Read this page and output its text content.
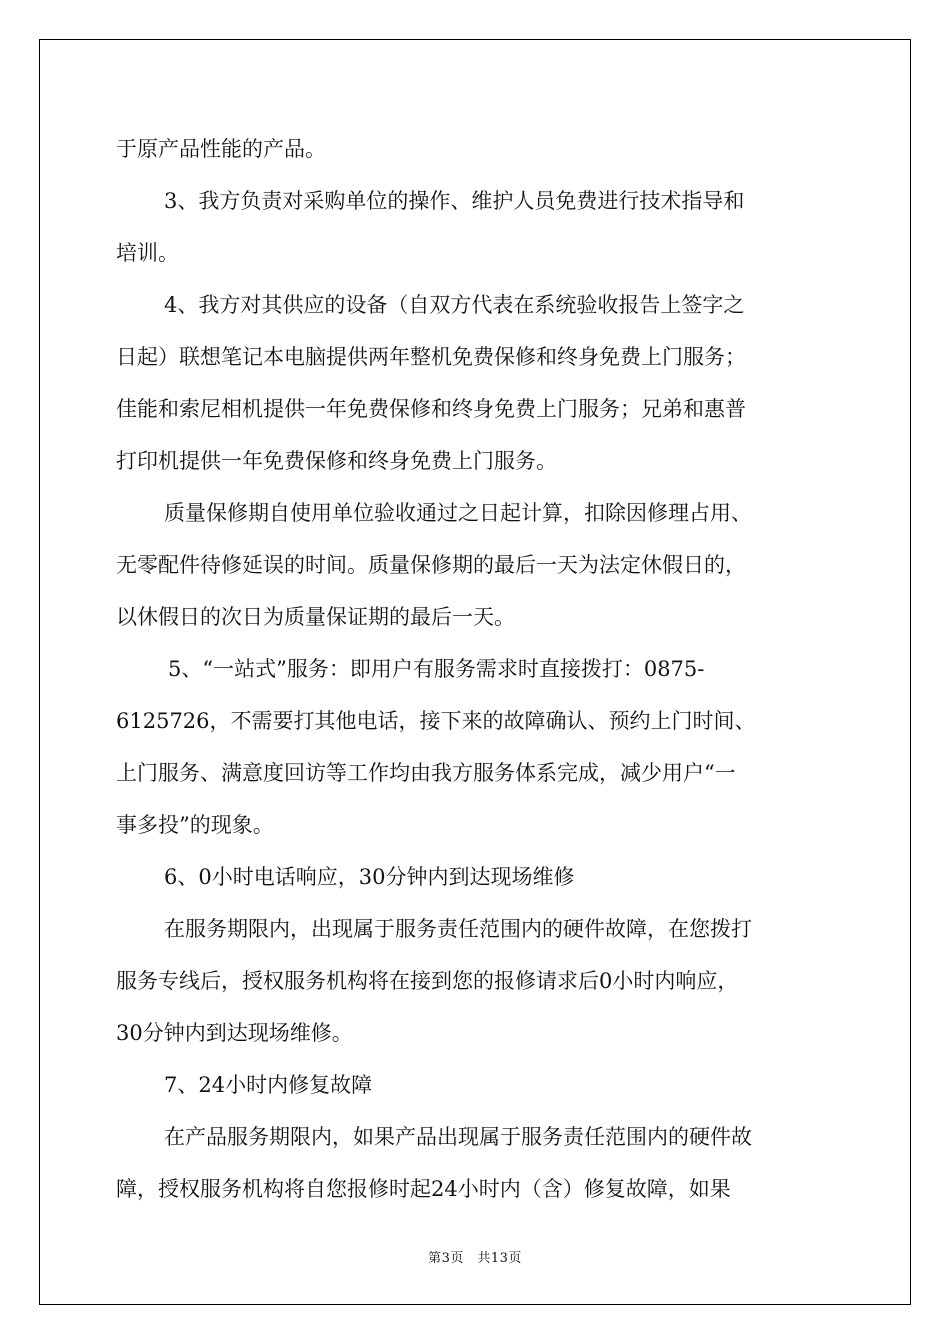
于原产品性能的产品。
3、我方负责对采购单位的操作、维护人员免费进行技术指导和
培训。
4、我方对其供应的设备（自双方代表在系统验收报告上签字之
日起）联想笔记本电脑提供两年整机免费保修和终身免费上门服务；
佳能和索尼相机提供一年免费保修和终身免费上门服务；兄弟和惠普
打印机提供一年免费保修和终身免费上门服务。
质量保修期自使用单位验收通过之日起计算，扣除因修理占用、
无零配件待修延误的时间。质量保修期的最后一天为法定休假日的，
以休假日的次日为质量保证期的最后一天。
5、“一站式”服务：即用户有服务需求时直接拨打：0875-
6125726，不需要打其他电话，接下来的故障确认、预约上门时间、
上门服务、满意度回访等工作均由我方服务体系完成，减少用户“一
事多投”的现象。
6、0小时电话响应，30分钟内到达现场维修
在服务期限内，出现属于服务责任范围内的硬件故障，在您拨打
服务专线后，授权服务机构将在接到您的报修请求后0小时内响应，
30分钟内到达现场维修。
7、24小时内修复故障
在产品服务期限内，如果产品出现属于服务责任范围内的硬件故
障，授权服务机构将自您报修时起24小时内（含）修复故障，如果
第3页　共13页
